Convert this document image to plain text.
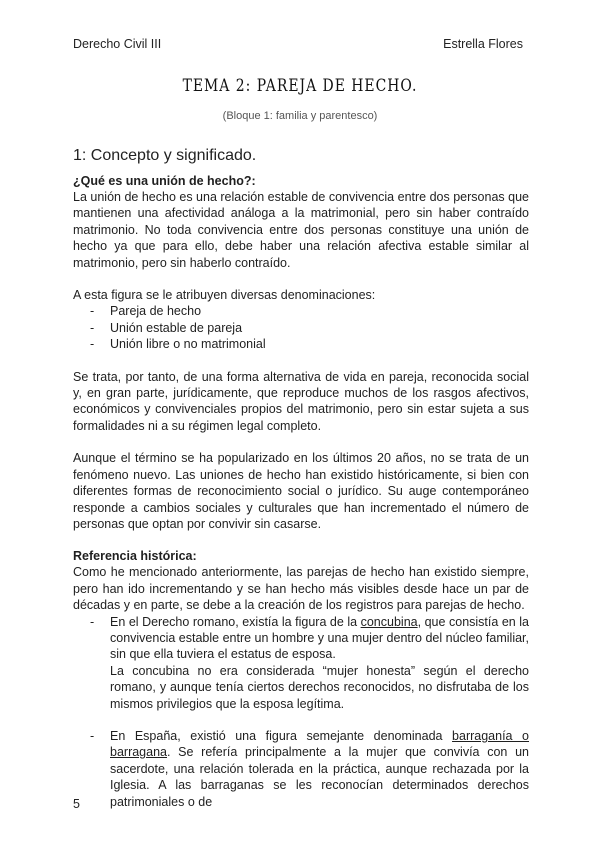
Derecho Civil III	Estrella Flores
TEMA 2: PAREJA DE HECHO.
(Bloque 1: familia y parentesco)
1: Concepto y significado.
¿Qué es una unión de hecho?:

La unión de hecho es una relación estable de convivencia entre dos personas que mantienen una afectividad análoga a la matrimonial, pero sin haber contraído matrimonio. No toda convivencia entre dos personas constituye una unión de hecho ya que para ello, debe haber una relación afectiva estable similar al matrimonio, pero sin haberlo contraído.

A esta figura se le atribuyen diversas denominaciones:

- Pareja de hecho
- Unión estable de pareja
- Unión libre o no matrimonial

Se trata, por tanto, de una forma alternativa de vida en pareja, reconocida social y, en gran parte, jurídicamente, que reproduce muchos de los rasgos afectivos, económicos y convivenciales propios del matrimonio, pero sin estar sujeta a sus formalidades ni a su régimen legal completo.

Aunque el término se ha popularizado en los últimos 20 años, no se trata de un fenómeno nuevo. Las uniones de hecho han existido históricamente, si bien con diferentes formas de reconocimiento social o jurídico. Su auge contemporáneo responde a cambios sociales y culturales que han incrementado el número de personas que optan por convivir sin casarse.

Referencia histórica:

Como he mencionado anteriormente, las parejas de hecho han existido siempre, pero han ido incrementando y se han hecho más visibles desde hace un par de décadas y en parte, se debe a la creación de los registros para parejas de hecho.

- En el Derecho romano, existía la figura de la concubina, que consistía en la convivencia estable entre un hombre y una mujer dentro del núcleo familiar, sin que ella tuviera el estatus de esposa.
La concubina no era considerada “mujer honesta” según el derecho romano, y aunque tenía ciertos derechos reconocidos, no disfrutaba de los mismos privilegios que la esposa legítima.
- En España, existió una figura semejante denominada barraganía o barragana. Se refería principalmente a la mujer que convivía con un sacerdote, una relación tolerada en la práctica, aunque rechazada por la Iglesia. A las barraganas se les reconocían determinados derechos patrimoniales o de
5
